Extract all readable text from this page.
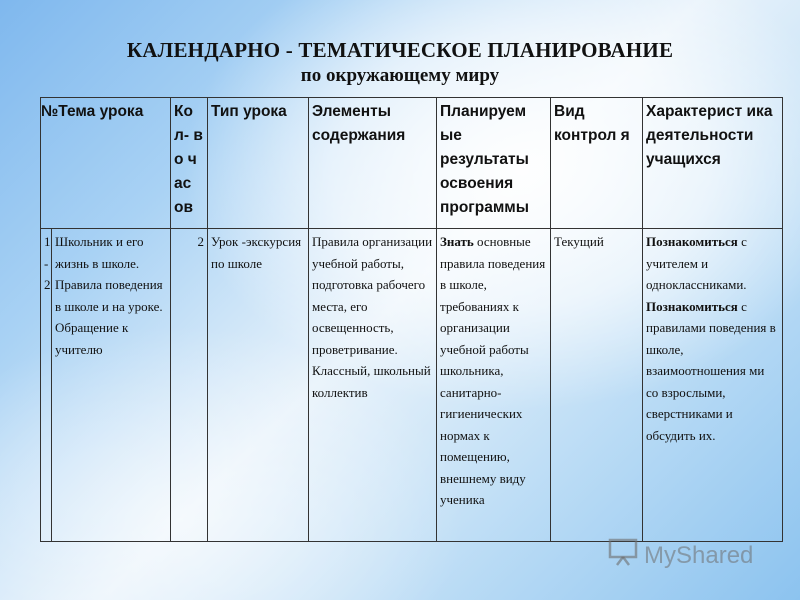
КАЛЕНДАРНО - ТЕМАТИЧЕСКОЕ ПЛАНИРОВАНИЕ
по окружающему миру
№Тема урока		Ко л- во час ов	Тип урока	Элементы содержания	Планируем ые результаты освоения программы	Вид контрол я	Характерист ика деятельности учащихся

1
-
2	Школьник и его жизнь в школе. Правила поведения в школе и на уроке. Обращение к учителю	2	Урок -экскурсия по школе	Правила организации учебной работы, подготовка рабочего места, его освещенность, проветривание. Классный, школьный коллектив	Знать основные правила поведения в школе, требованиях к организации учебной работы школьника, санитарно-гигиенических нормах к помещению, внешнему виду ученика	Текущий	Познакомиться с учителем и одноклассниками. Познакомиться с правилами поведения в школе, взаимоотношения ми со взрослыми, сверстниками и обсудить их.
MyShared
